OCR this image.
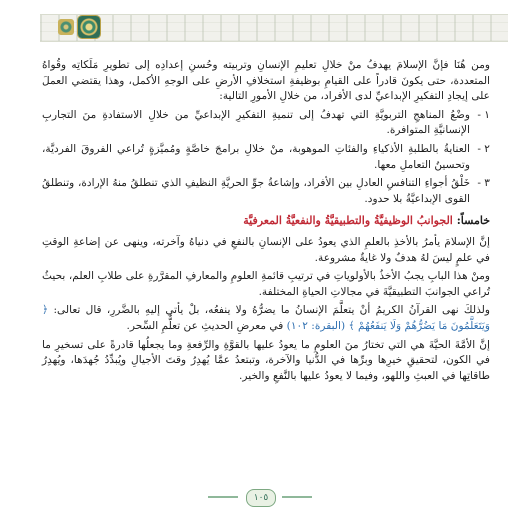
ومن هُنَا فإنَّ الإسلامَ يهدفُ منْ خلالِ تعليمِ الإنسانِ وتربيته وحُسنِ إعدادِه إلى تطويرِ مَلَكاتِه وقُواهُ المتعددة، حتى يكونَ قادراً على القيامِ بوظيفةِ استخلافِ الأرضِ على الوجهِ الأكمل، وهذا يقتضي العملَ على إيجادِ التفكيرِ الإبداعيِّ لدى الأفراد، من خلالِ الأمورِ التالية:

١ -
وضْعُ المناهجِ التربويَّةِ التي تهدفُ إلى تنميةِ التفكيرِ الإبداعيِّ من خلالِ الاستفادةِ منَ التجاربِ الإنسانيَّةِ المتوافرة.
٢ -
العنايةُ بالطلبةِ الأذكياءِ والفئاتِ الموهوبة، منْ خلالِ برامجَ خاصَّةٍ ومُميَّزةٍ تُراعي الفروقَ الفرديَّة، وتحسينُ التعاملِ معها.
٣ -
خَلْقُ أجواءِ التنافسِ العادلِ بين الأفراد، وإشاعةُ جوِّ الحريَّةِ النظيفِ الذي تنطلقُ منهُ الإرادة، وتنطلقُ القوى الإبداعيَّةُ بلا حدود.
خامساً: الجوانبُ الوظيفيَّةُ والتطبيقيَّةُ والنفعيَّةُ المعرفيَّة

إنَّ الإسلامَ يأمرُ بالأخذِ بالعلمِ الذي يعودُ على الإنسانِ بالنفعِ في دنياهُ وآخرته، وينهى عن إضاعةِ الوقتِ في علمٍ ليسَ لهُ هدفٌ ولا غايةٌ مشروعة.

ومنْ هذا البابِ يجبُ الأخذُ بالأولوياتِ في ترتيبِ قائمةِ العلومِ والمعارفِ المقرَّرةِ على طلابِ العلم، بحيثُ تُراعي الجوانبَ التطبيقيَّةَ في مجالاتِ الحياةِ المختلفة.

ولذلكَ نهى القرآنُ الكريمُ أنْ يتعلَّمَ الإنسانُ ما يضرُّهُ ولا ينفعُه، بلْ يأتي إليهِ بالضَّررِ، قال تعالى: ﴿ وَيَتَعَلَّمُونَ مَا يَضُرُّهُمْ وَلَا يَنفَعُهُمْ ﴾ (البقرة: ١٠٢) في معرضِ الحديثِ عن تعلُّمِ السِّحر.

إنَّ الأمَّةَ الحيَّةَ هي التي تختارُ منَ العلومِ ما يعودُ عليها بالقوَّةِ والرِّفعةِ وما يجعلُها قادرةً على تسخيرِ ما في الكون، لتحقيقِ خيرِها وبرِّها في الدُّنيا والآخرة، وتبتعدُ عمَّا يُهدِرُ وقتَ الأجيالِ ويُبدِّدُ جُهدَها، ويُهدِرُ طاقاتِها في العبثِ واللهو، وفيما لا يعودُ عليها بالنَّفعِ والخير.

١٠٥
